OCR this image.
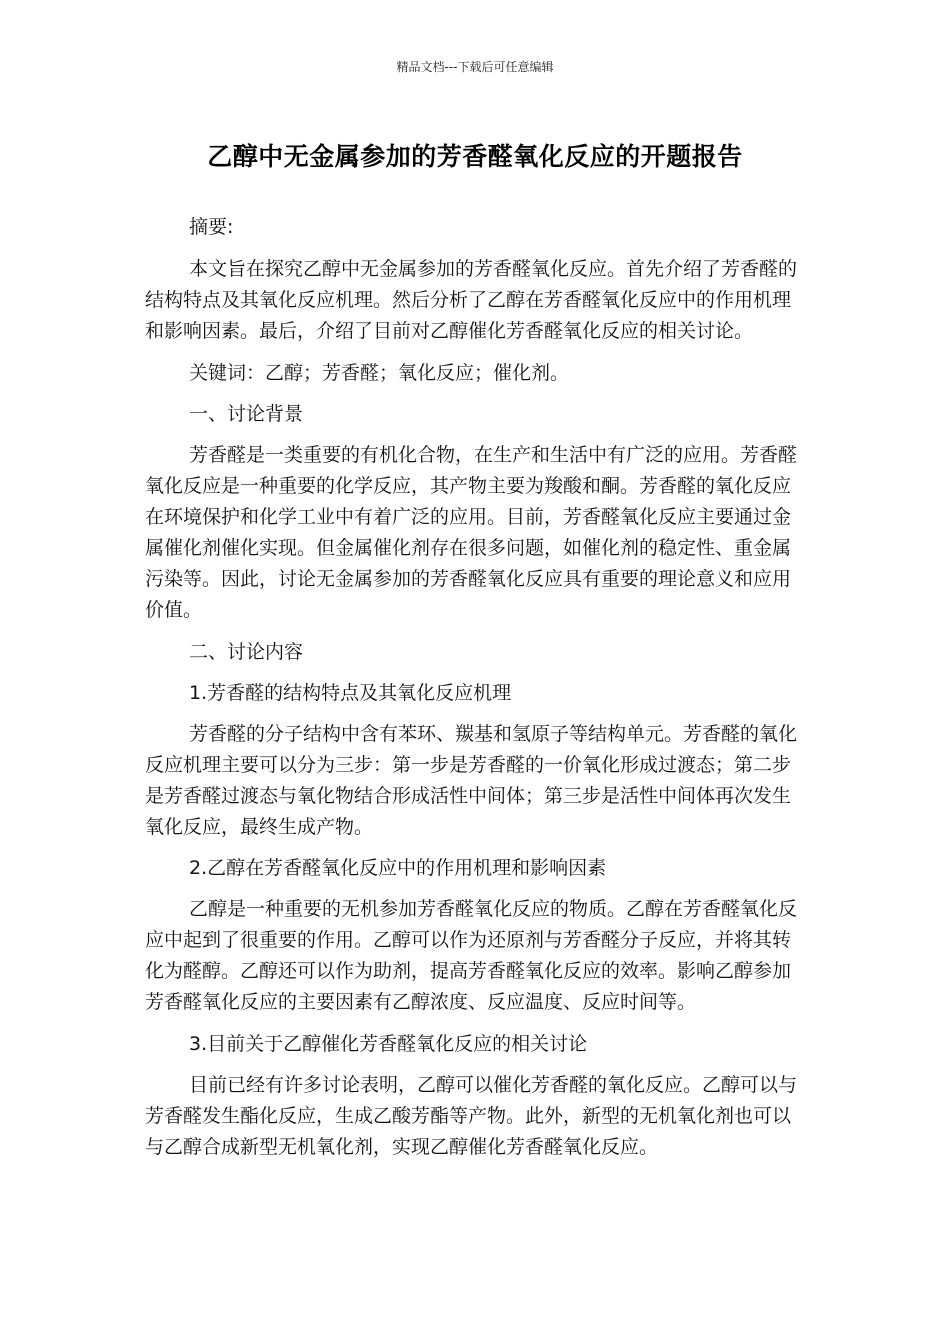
精品文档---下载后可任意编辑
乙醇中无金属参加的芳香醛氧化反应的开题报告

摘要:

本文旨在探究乙醇中无金属参加的芳香醛氧化反应。首先介绍了芳香醛的结构特点及其氧化反应机理。然后分析了乙醇在芳香醛氧化反应中的作用机理和影响因素。最后，介绍了目前对乙醇催化芳香醛氧化反应的相关讨论。

关键词：乙醇；芳香醛；氧化反应；催化剂。

一、讨论背景

芳香醛是一类重要的有机化合物，在生产和生活中有广泛的应用。芳香醛氧化反应是一种重要的化学反应，其产物主要为羧酸和酮。芳香醛的氧化反应在环境保护和化学工业中有着广泛的应用。目前，芳香醛氧化反应主要通过金属催化剂催化实现。但金属催化剂存在很多问题，如催化剂的稳定性、重金属污染等。因此，讨论无金属参加的芳香醛氧化反应具有重要的理论意义和应用价值。

二、讨论内容

1.芳香醛的结构特点及其氧化反应机理

芳香醛的分子结构中含有苯环、羰基和氢原子等结构单元。芳香醛的氧化反应机理主要可以分为三步：第一步是芳香醛的一价氧化形成过渡态；第二步是芳香醛过渡态与氧化物结合形成活性中间体；第三步是活性中间体再次发生氧化反应，最终生成产物。

2.乙醇在芳香醛氧化反应中的作用机理和影响因素

乙醇是一种重要的无机参加芳香醛氧化反应的物质。乙醇在芳香醛氧化反应中起到了很重要的作用。乙醇可以作为还原剂与芳香醛分子反应，并将其转化为醛醇。乙醇还可以作为助剂，提高芳香醛氧化反应的效率。影响乙醇参加芳香醛氧化反应的主要因素有乙醇浓度、反应温度、反应时间等。

3.目前关于乙醇催化芳香醛氧化反应的相关讨论

目前已经有许多讨论表明，乙醇可以催化芳香醛的氧化反应。乙醇可以与芳香醛发生酯化反应，生成乙酸芳酯等产物。此外，新型的无机氧化剂也可以与乙醇合成新型无机氧化剂，实现乙醇催化芳香醛氧化反应。
